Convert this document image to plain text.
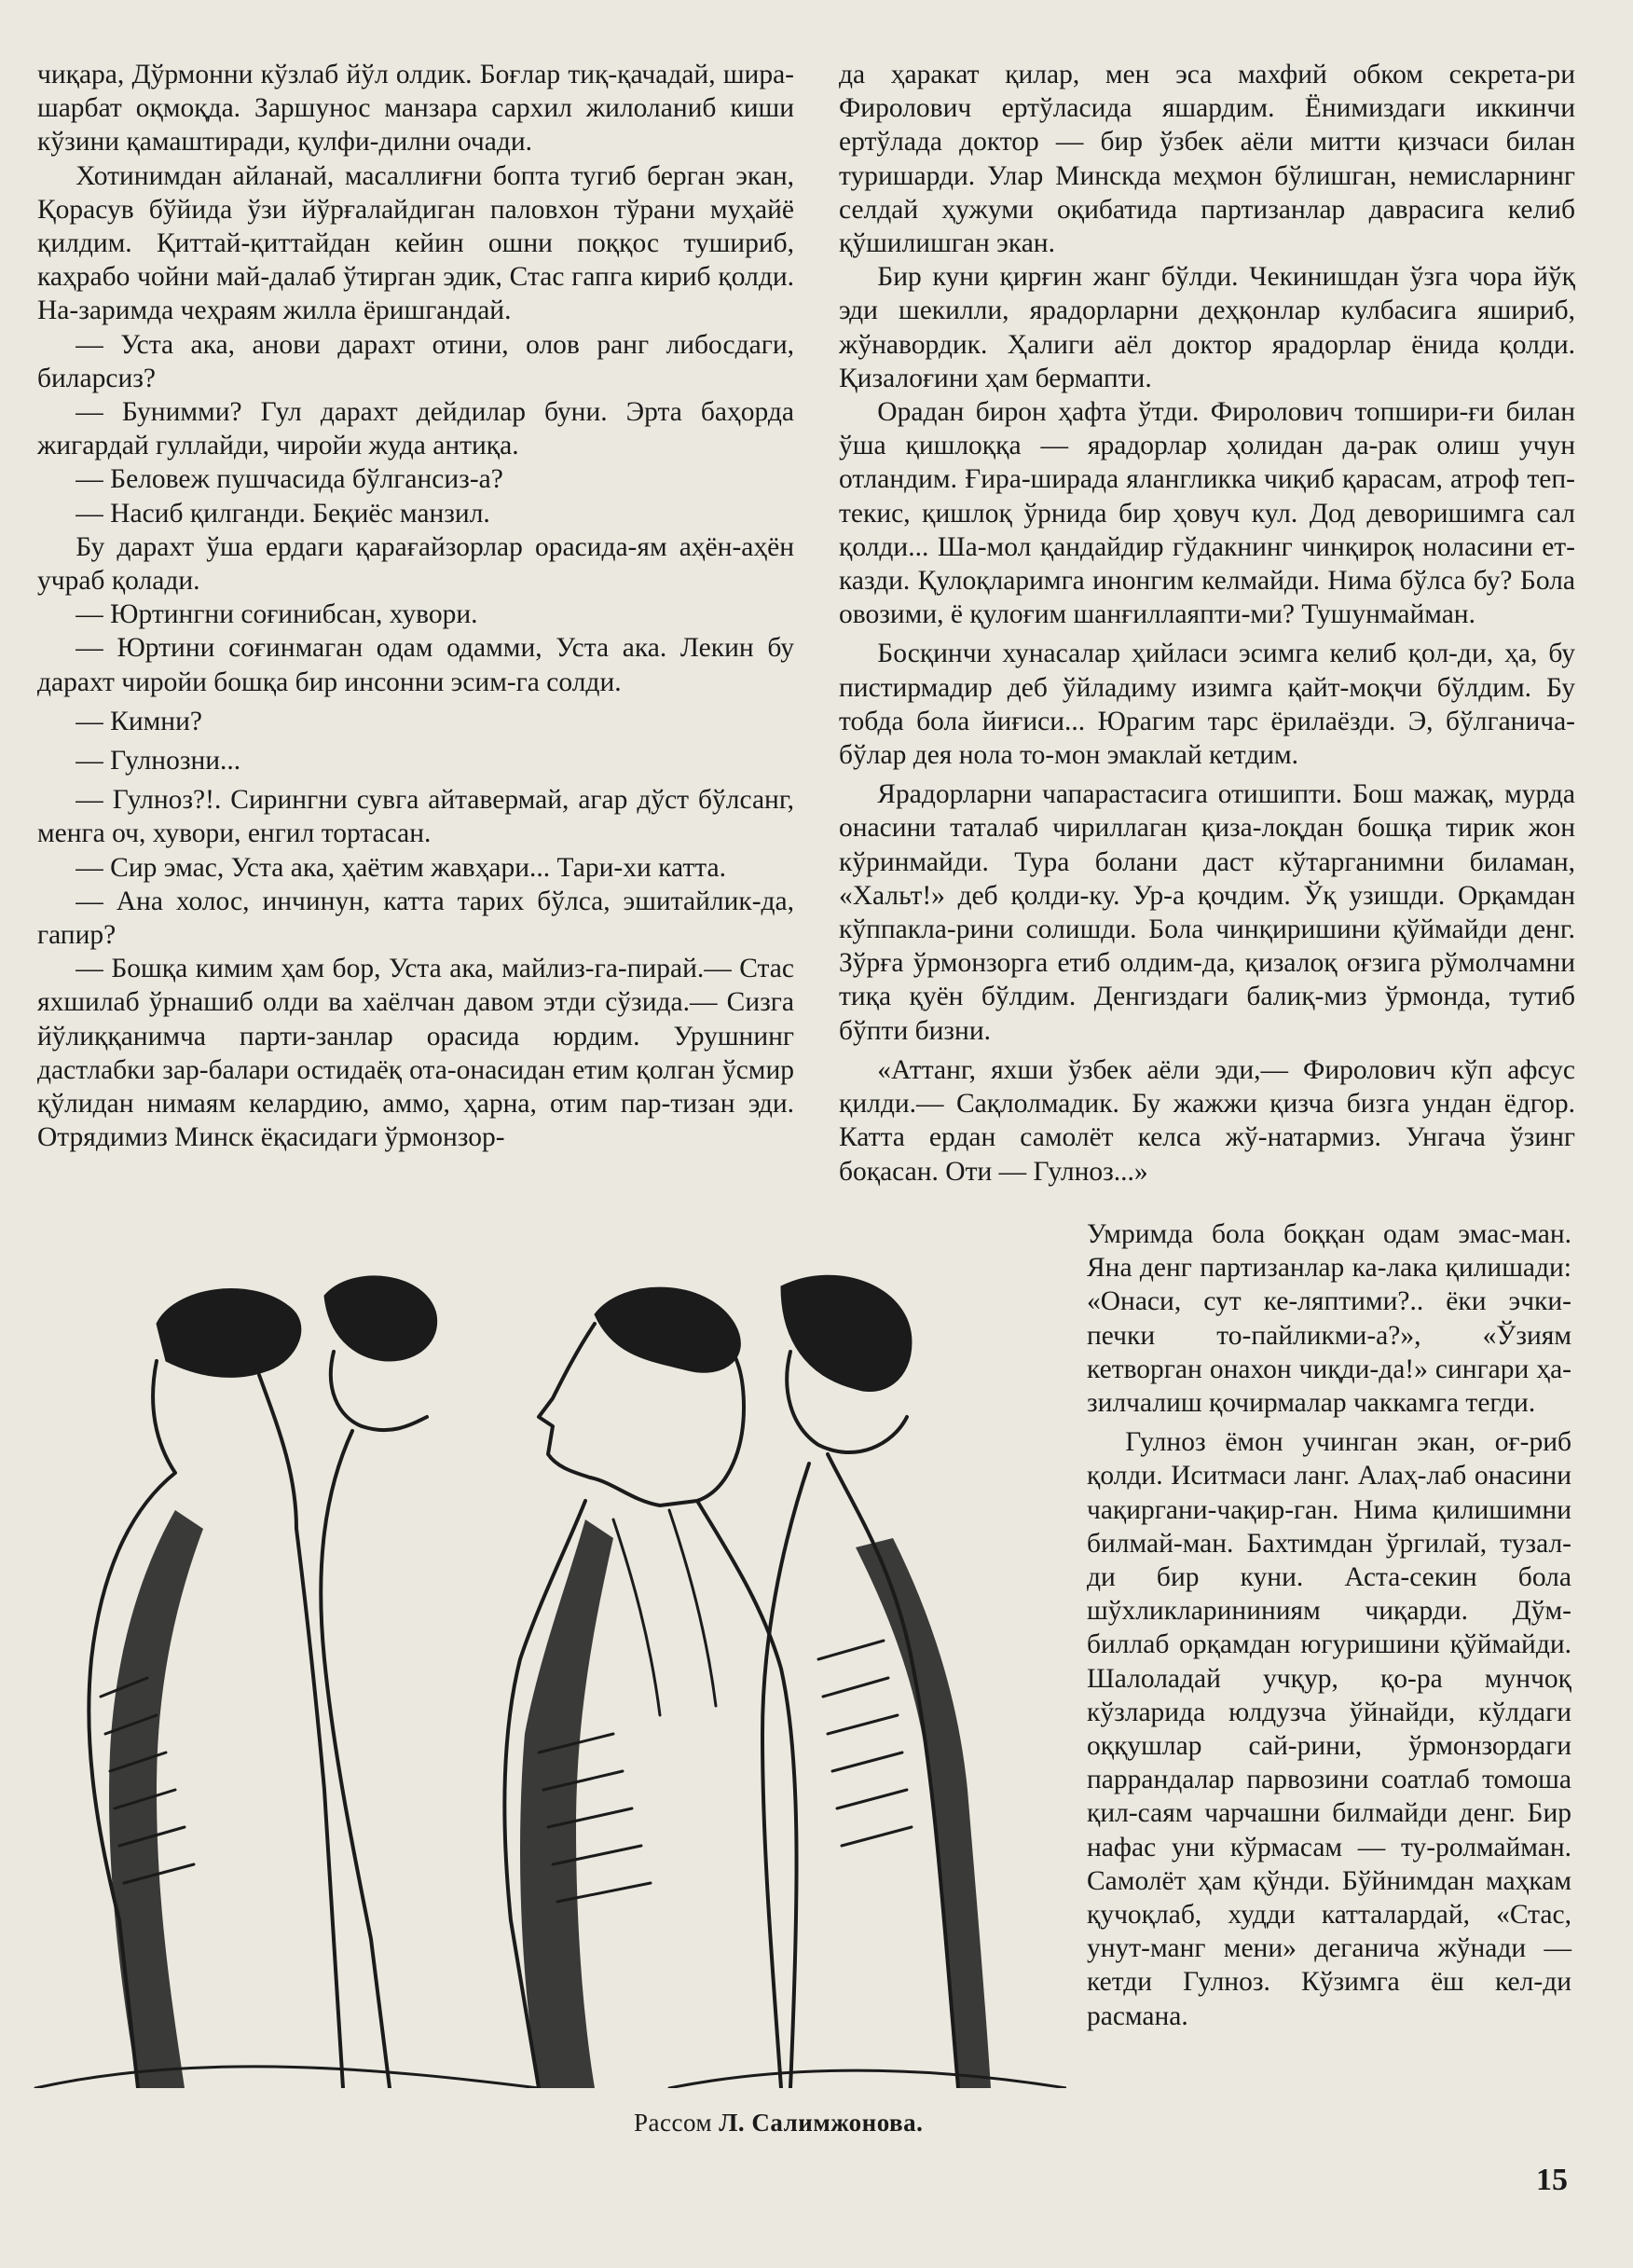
чиқара, Дўрмонни кўзлаб йўл олдик. Боғлар тиқ-қачадай, шира-шарбат оқмоқда. Заршунос манзара сархил жилоланиб киши кўзини қамаштиради, қулфи-дилни очади.

Хотинимдан айланай, масаллиғни бопта тугиб берган экан, Қорасув бўйида ўзи йўрғалайдиган паловхон тўрани муҳайё қилдим. Қиттай-қиттайдан кейин ошни поққос тушириб, каҳрабо чойни май-далаб ўтирган эдик, Стас гапга кириб қолди. На-заримда чеҳраям жилла ёришгандай.

— Уста ака, анови дарахт отини, олов ранг либосдаги, биларсиз?

— Бунимми? Гул дарахт дейдилар буни. Эрта баҳорда жигардай гуллайди, чиройи жуда антиқа.

— Беловеж пушчасида бўлгансиз-а?

— Насиб қилганди. Беқиёс манзил.

Бу дарахт ўша ердаги қарағайзорлар орасида-ям аҳён-аҳён учраб қолади.

— Юртингни соғинибсан, хувори.

— Юртини соғинмаган одам одамми, Уста ака. Лекин бу дарахт чиройи бошқа бир инсонни эсим-га солди.

— Кимни?

— Гулнозни...

— Гулноз?!. Сирингни сувга айтавермай, агар дўст бўлсанг, менга оч, хувори, енгил тортасан.

— Сир эмас, Уста ака, ҳаётим жавҳари... Тари-хи катта.

— Ана холос, инчинун, катта тарих бўлса, эшитайлик-да, гапир?

— Бошқа кимим ҳам бор, Уста ака, майлиз-га-пирай.— Стас яхшилаб ўрнашиб олди ва хаёлчан давом этди сўзида.— Сизга йўлиққанимча парти-занлар орасида юрдим. Урушнинг дастлабки зар-балари остидаёқ ота-онасидан етим қолган ўсмир қўлидан нимаям келардию, аммо, ҳарна, отим пар-тизан эди. Отрядимиз Минск ёқасидаги ўрмонзор-

да ҳаракат қилар, мен эса махфий обком секрета-ри Фиролович ертўласида яшардим. Ёнимиздаги иккинчи ертўлада доктор — бир ўзбек аёли митти қизчаси билан туришарди. Улар Минскда меҳмон бўлишган, немисларнинг селдай ҳужуми оқибатида партизанлар даврасига келиб қўшилишган экан.

Бир куни қирғин жанг бўлди. Чекинишдан ўзга чора йўқ эди шекилли, ярадорларни деҳқонлар кулбасига яшириб, жўнавордик. Ҳалиги аёл доктор ярадорлар ёнида қолди. Қизалоғини ҳам бермапти.

Орадан бирон ҳафта ўтди. Фиролович топшири-ғи билан ўша қишлоққа — ярадорлар ҳолидан да-рак олиш учун отландим. Ғира-ширада ялангликка чиқиб қарасам, атроф теп-текис, қишлоқ ўрнида бир ҳовуч кул. Дод деворишимга сал қолди... Ша-мол қандайдир гўдакнинг чинқироқ ноласини ет-казди. Қулоқларимга инонгим келмайди. Нима бўлса бу? Бола овозими, ё қулоғим шанғиллаяпти-ми? Тушунмайман.

Босқинчи хунасалар ҳийласи эсимга келиб қол-ди, ҳа, бу пистирмадир деб ўйладиму изимга қайт-моқчи бўлдим. Бу тобда бола йиғиси... Юрагим тарс ёрилаёзди. Э, бўлганича-бўлар дея нола то-мон эмаклай кетдим.

Ярадорларни чапарастасига отишипти. Бош мажақ, мурда онасини таталаб чириллаган қиза-лоқдан бошқа тирик жон кўринмайди. Тура болани даст кўтарганимни биламан, «Хальт!» деб қолди-ку. Ур-а қочдим. Ўқ узишди. Орқамдан кўппакла-рини солишди. Бола чинқиришини қўймайди денг. Зўрға ўрмонзорга етиб олдим-да, қизалоқ оғзига рўмолчамни тиқа қуён бўлдим. Денгиздаги балиқ-миз ўрмонда, тутиб бўпти бизни.

«Аттанг, яхши ўзбек аёли эди,— Фиролович кўп афсус қилди.— Сақлолмадик. Бу жажжи қизча бизга ундан ёдгор. Катта ердан самолёт келса жў-натармиз. Унгача ўзинг боқасан. Оти — Гулноз...»

Умримда бола боққан одам эмас-ман. Яна денг партизанлар ка-лака қилишади: «Онаси, сут ке-ляптими?.. ёки эчки-печки то-пайликми-а?», «Ўзиям кетворган онахон чиқди-да!» сингари ҳа-зилчалиш қочирмалар чаккамга тегди.

Гулноз ёмон учинган экан, оғ-риб қолди. Иситмаси ланг. Алаҳ-лаб онасини чақиргани-чақир-ган. Нима қилишимни билмай-ман. Бахтимдан ўргилай, тузал-ди бир куни. Аста-секин бола шўхликларининиям чиқарди. Дўм-биллаб орқамдан югуришини қўймайди. Шалоладай учқур, қо-ра мунчоқ кўзларида юлдузча ўйнайди, кўлдаги оққушлар сай-рини, ўрмонзордаги паррандалар парвозини соатлаб томоша қил-саям чарчашни билмайди денг. Бир нафас уни кўрмасам — ту-ролмайман. Самолёт ҳам қўнди. Бўйнимдан маҳкам қучоқлаб, худди катталардай, «Стас, унут-манг мени» деганича жўнади — кетди Гулноз. Кўзимга ёш кел-ди расмана.

Рассом Л. Салимжонова.
15
